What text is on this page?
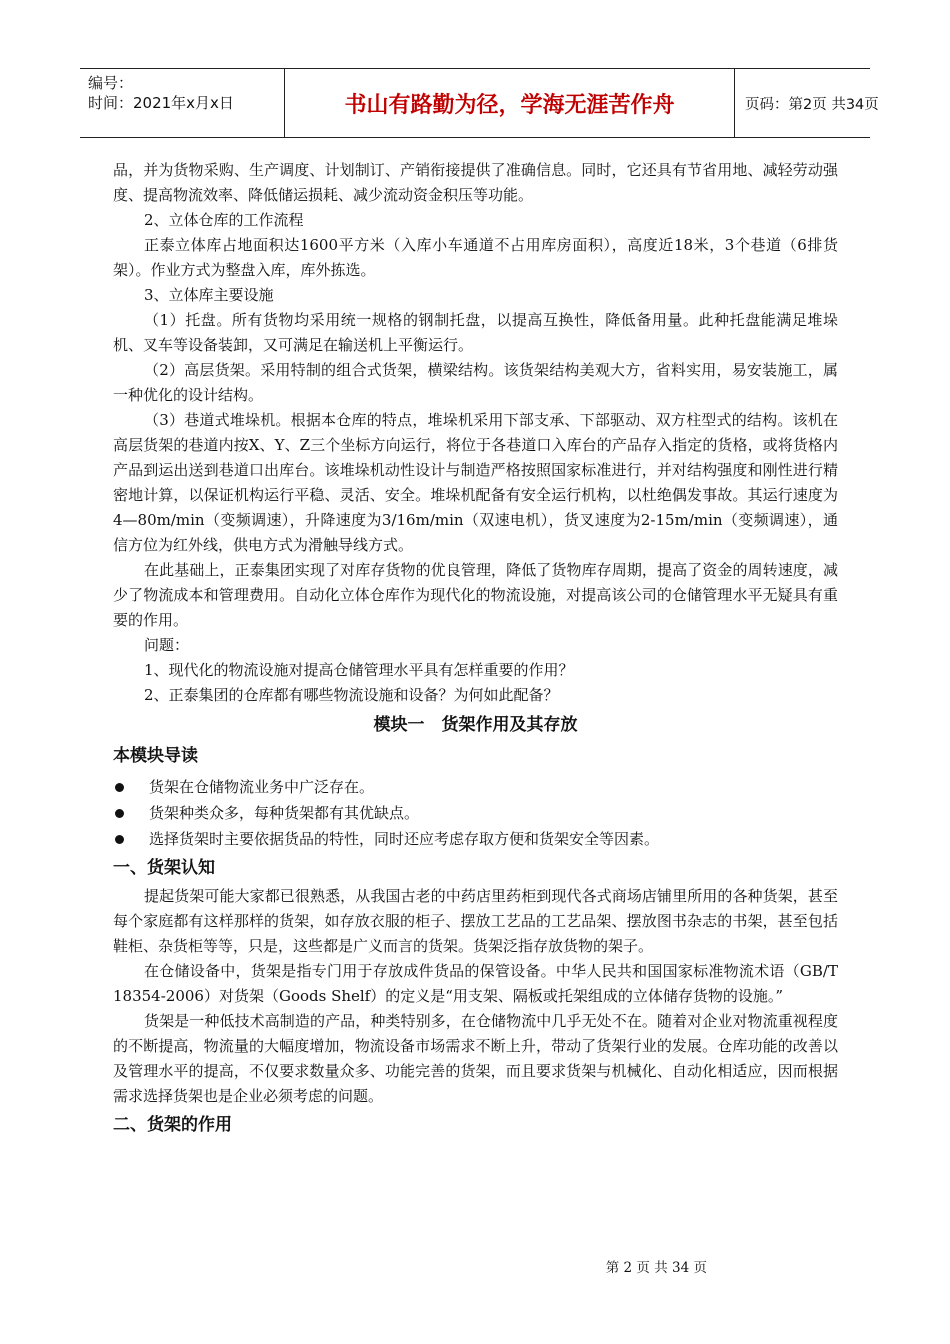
编号：
时间：2021年x月x日	书山有路勤为径，学海无涯苦作舟	页码：第2页 共34页

品，并为货物采购、生产调度、计划制订、产销衔接提供了准确信息。同时，它还具有节省用地、减轻劳动强度、提高物流效率、降低储运损耗、减少流动资金积压等功能。

2、立体仓库的工作流程

正泰立体库占地面积达1600平方米（入库小车通道不占用库房面积），高度近18米，3个巷道（6排货架）。作业方式为整盘入库，库外拣选。

3、立体库主要设施

（1）托盘。所有货物均采用统一规格的钢制托盘，以提高互换性，降低备用量。此种托盘能满足堆垛机、叉车等设备装卸，又可满足在输送机上平衡运行。

（2）高层货架。采用特制的组合式货架，横梁结构。该货架结构美观大方，省料实用，易安装施工，属一种优化的设计结构。

（3）巷道式堆垛机。根据本仓库的特点，堆垛机采用下部支承、下部驱动、双方柱型式的结构。该机在高层货架的巷道内按X、Y、Z三个坐标方向运行，将位于各巷道口入库台的产品存入指定的货格，或将货格内产品到运出送到巷道口出库台。该堆垛机动性设计与制造严格按照国家标准进行，并对结构强度和刚性进行精密地计算，以保证机构运行平稳、灵活、安全。堆垛机配备有安全运行机构，以杜绝偶发事故。其运行速度为4—80m/min（变频调速），升降速度为3/16m/min（双速电机），货叉速度为2-15m/min（变频调速），通信方位为红外线，供电方式为滑触导线方式。

在此基础上，正泰集团实现了对库存货物的优良管理，降低了货物库存周期，提高了资金的周转速度，减少了物流成本和管理费用。自动化立体仓库作为现代化的物流设施，对提高该公司的仓储管理水平无疑具有重要的作用。

问题：

1、现代化的物流设施对提高仓储管理水平具有怎样重要的作用？

2、正泰集团的仓库都有哪些物流设施和设备？为何如此配备？

模块一　货架作用及其存放
本模块导读
货架在仓储物流业务中广泛存在。
货架种类众多，每种货架都有其优缺点。
选择货架时主要依据货品的特性，同时还应考虑存取方便和货架安全等因素。
一、货架认知

提起货架可能大家都已很熟悉，从我国古老的中药店里药柜到现代各式商场店铺里所用的各种货架，甚至每个家庭都有这样那样的货架，如存放衣服的柜子、摆放工艺品的工艺品架、摆放图书杂志的书架，甚至包括鞋柜、杂货柜等等，只是，这些都是广义而言的货架。货架泛指存放货物的架子。

在仓储设备中，货架是指专门用于存放成件货品的保管设备。中华人民共和国国家标准物流术语（GB/T 18354-2006）对货架（Goods Shelf）的定义是“用支架、隔板或托架组成的立体储存货物的设施。”

货架是一种低技术高制造的产品，种类特别多，在仓储物流中几乎无处不在。随着对企业对物流重视程度的不断提高，物流量的大幅度增加，物流设备市场需求不断上升，带动了货架行业的发展。仓库功能的改善以及管理水平的提高，不仅要求数量众多、功能完善的货架，而且要求货架与机械化、自动化相适应，因而根据需求选择货架也是企业必须考虑的问题。

二、货架的作用
第 2 页 共 34 页
